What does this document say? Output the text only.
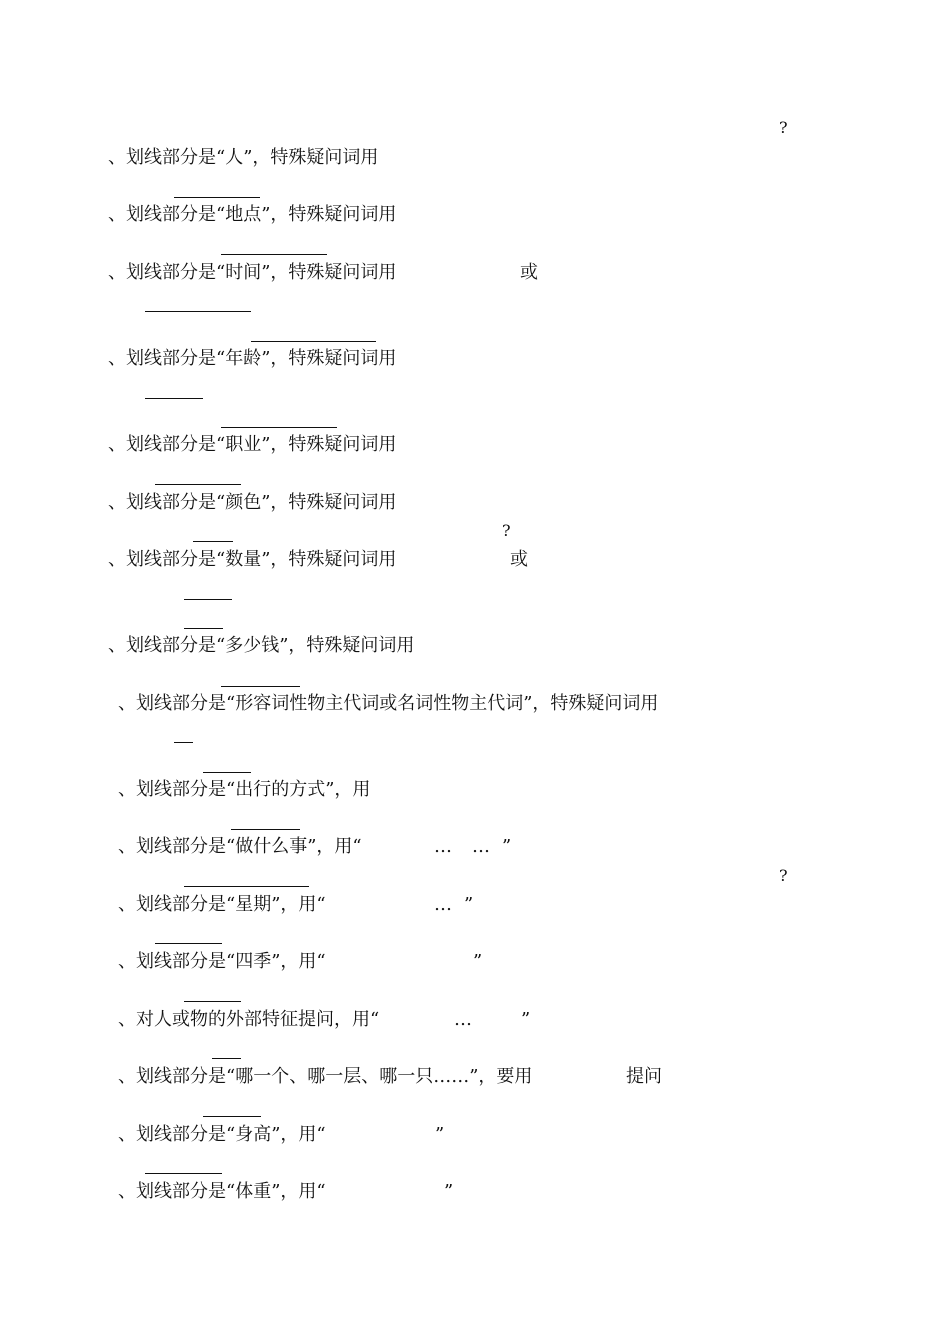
?
?
?
、划线部分是“人”，特殊疑问词用
、划线部分是“地点”，特殊疑问词用
、划线部分是“时间”，特殊疑问词用	或
、划线部分是“年龄”，特殊疑问词用
、划线部分是“职业”，特殊疑问词用
、划线部分是“颜色”，特殊疑问词用
、划线部分是“数量”，特殊疑问词用	或
、划线部分是“多少钱”，特殊疑问词用
、划线部分是“形容词性物主代词或名词性物主代词”，特殊疑问词用
、划线部分是“出行的方式”，用
、划线部分是“做什么事”，用“	… … ”
、划线部分是“星期”，用“	… ”
、划线部分是“四季”，用“	”
、对人或物的外部特征提问，用“	…	”
、划线部分是“哪一个、哪一层、哪一只……”，要用	提问
、划线部分是“身高”，用“	”
、划线部分是“体重”，用“	”
